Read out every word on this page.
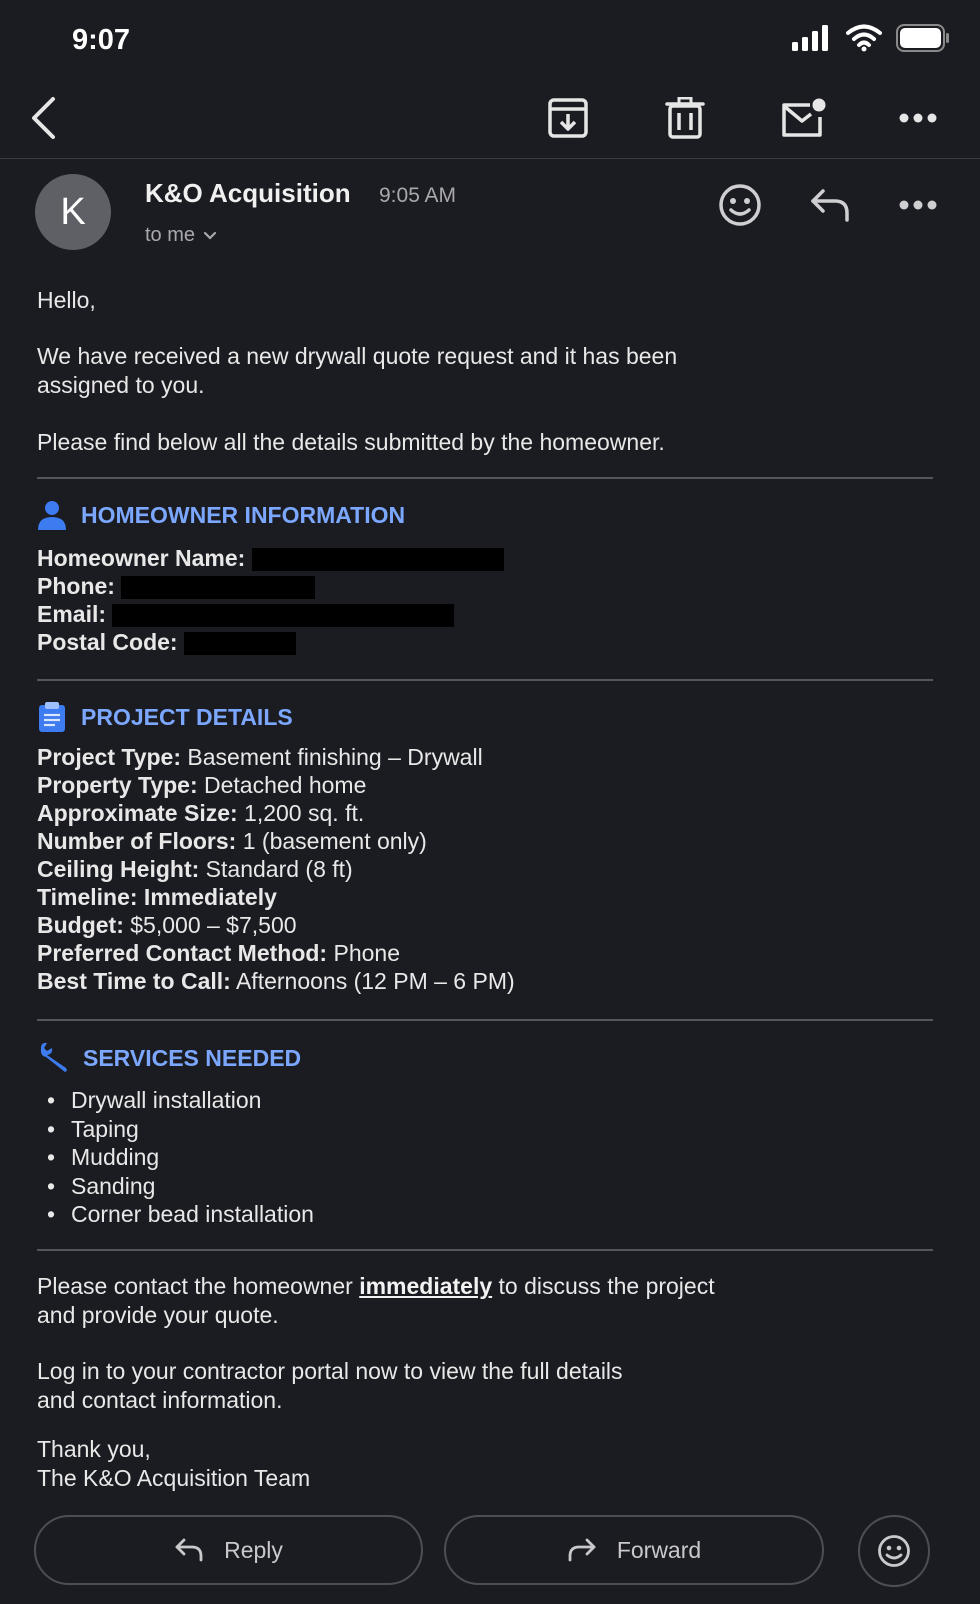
9:07
K	K&O Acquisition 9:05 AM
to me
Hello,
We have received a new drywall quote request and it has been
assigned to you.
Please find below all the details submitted by the homeowner.
HOMEOWNER INFORMATION
Homeowner Name:
Phone:
Email:
Postal Code:
PROJECT DETAILS
Project Type: Basement finishing – Drywall
Property Type: Detached home
Approximate Size: 1,200 sq. ft.
Number of Floors: 1 (basement only)
Ceiling Height: Standard (8 ft)
Timeline: Immediately
Budget: $5,000 – $7,500
Preferred Contact Method: Phone
Best Time to Call: Afternoons (12 PM – 6 PM)
SERVICES NEEDED
• Drywall installation
• Taping
• Mudding
• Sanding
• Corner bead installation
Please contact the homeowner immediately to discuss the project
and provide your quote.
Log in to your contractor portal now to view the full details
and contact information.
Thank you,
The K&O Acquisition Team
Reply	Forward
